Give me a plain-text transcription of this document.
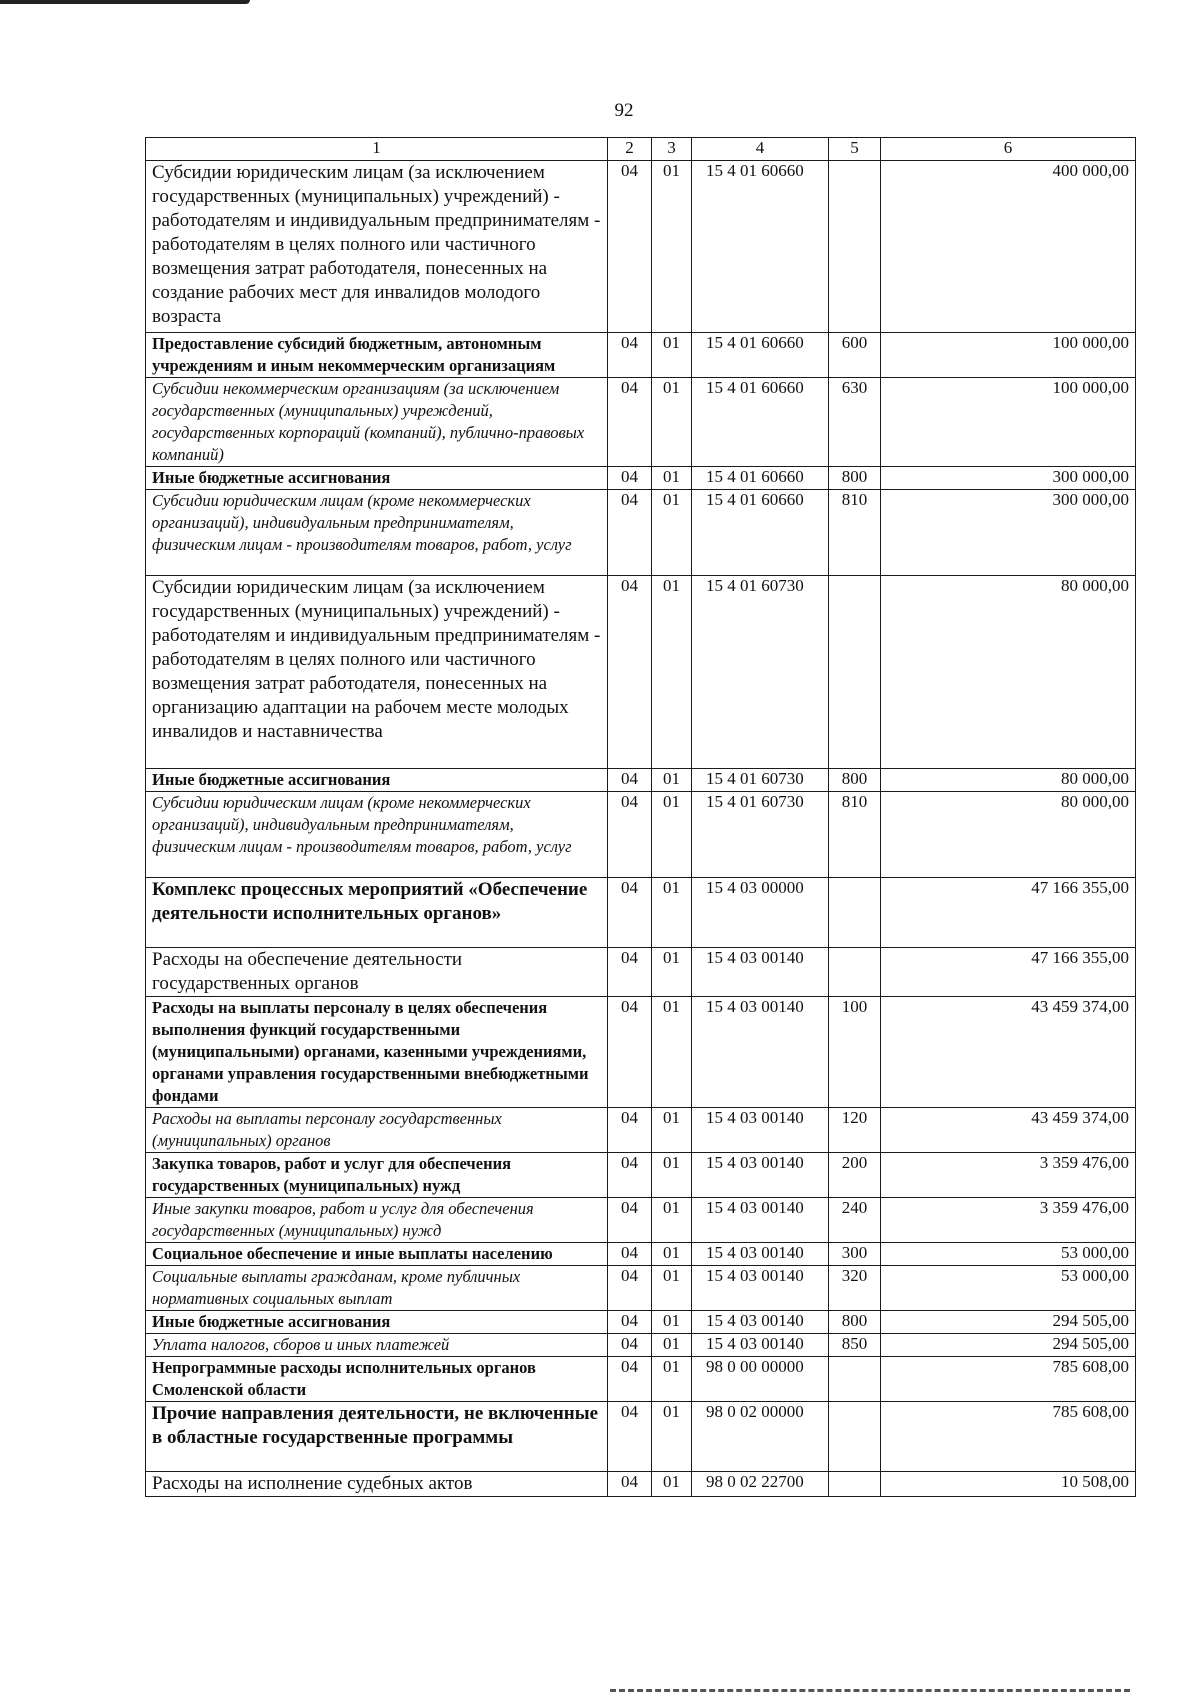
92
1	2	3	4	5	6
Субсидии юридическим лицам (за исключением государственных (муниципальных) учреждений) - работодателям и индивидуальным предпринимателям - работодателям в целях полного или частичного возмещения затрат работодателя, понесенных на создание рабочих мест для инвалидов молодого возраста	04	01	15 4 01 60660		400 000,00
Предоставление субсидий бюджетным, автономным учреждениям и иным некоммерческим организациям	04	01	15 4 01 60660	600	100 000,00
Субсидии некоммерческим организациям (за исключением государственных (муниципальных) учреждений, государственных корпораций (компаний), публично-правовых компаний)	04	01	15 4 01 60660	630	100 000,00
Иные бюджетные ассигнования	04	01	15 4 01 60660	800	300 000,00
Субсидии юридическим лицам (кроме некоммерческих организаций), индивидуальным предпринимателям, физическим лицам - производителям товаров, работ, услуг	04	01	15 4 01 60660	810	300 000,00
Субсидии юридическим лицам (за исключением государственных (муниципальных) учреждений) - работодателям и индивидуальным предпринимателям - работодателям в целях полного или частичного возмещения затрат работодателя, понесенных на организацию адаптации на рабочем месте молодых инвалидов и наставничества	04	01	15 4 01 60730		80 000,00
Иные бюджетные ассигнования	04	01	15 4 01 60730	800	80 000,00
Субсидии юридическим лицам (кроме некоммерческих организаций), индивидуальным предпринимателям, физическим лицам - производителям товаров, работ, услуг	04	01	15 4 01 60730	810	80 000,00
Комплекс процессных мероприятий «Обеспечение деятельности исполнительных органов»	04	01	15 4 03 00000		47 166 355,00
Расходы на обеспечение деятельности государственных органов	04	01	15 4 03 00140		47 166 355,00
Расходы на выплаты персоналу в целях обеспечения выполнения функций государственными (муниципальными) органами, казенными учреждениями, органами управления государственными внебюджетными фондами	04	01	15 4 03 00140	100	43 459 374,00
Расходы на выплаты персоналу государственных (муниципальных) органов	04	01	15 4 03 00140	120	43 459 374,00
Закупка товаров, работ и услуг для обеспечения государственных (муниципальных) нужд	04	01	15 4 03 00140	200	3 359 476,00
Иные закупки товаров, работ и услуг для обеспечения государственных (муниципальных) нужд	04	01	15 4 03 00140	240	3 359 476,00
Социальное обеспечение и иные выплаты населению	04	01	15 4 03 00140	300	53 000,00
Социальные выплаты гражданам, кроме публичных нормативных социальных выплат	04	01	15 4 03 00140	320	53 000,00
Иные бюджетные ассигнования	04	01	15 4 03 00140	800	294 505,00
Уплата налогов, сборов и иных платежей	04	01	15 4 03 00140	850	294 505,00
Непрограммные расходы исполнительных органов Смоленской области	04	01	98 0 00 00000		785 608,00
Прочие направления деятельности, не включенные в областные государственные программы	04	01	98 0 02 00000		785 608,00
Расходы на исполнение судебных актов	04	01	98 0 02 22700		10 508,00
